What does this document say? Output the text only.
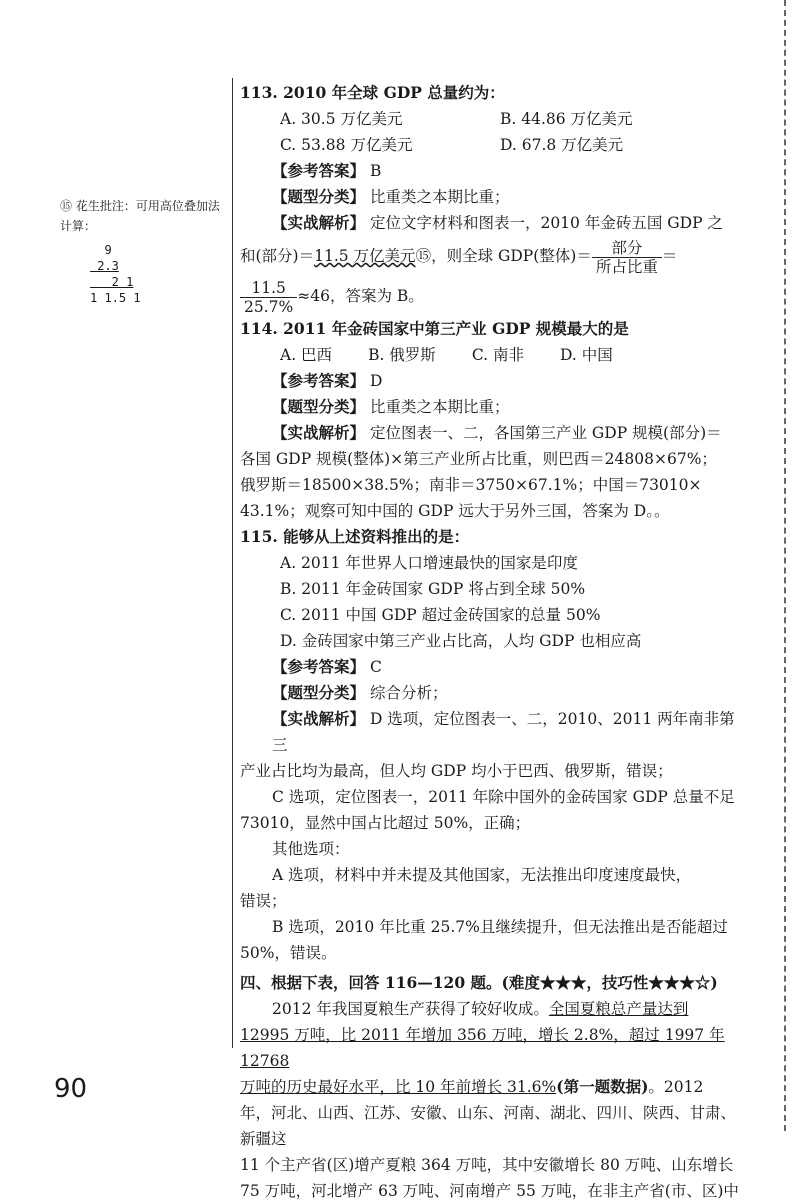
⑮ 花生批注：可用高位叠加法计算：
9
2.3
2 1
1 1.5 1

113. 2010 年全球 GDP 总量约为：

A. 30.5 万亿美元	B. 44.86 万亿美元
C. 53.88 万亿美元	D. 67.8 万亿美元

【参考答案】 B

【题型分类】 比重类之本期比重；

【实战解析】 定位文字材料和图表一，2010 年金砖五国 GDP 之

和(部分)＝11.5 万亿美元⑮，则全球 GDP(整体)＝ $\frac{\text{部分}}{\text{所占比重}}$ ＝

$\frac{11.5}{25.7\%} \approx 46$，答案为 B。

114. 2011 年金砖国家中第三产业 GDP 规模最大的是

A. 巴西 B. 俄罗斯 C. 南非 D. 中国

【参考答案】 D

【题型分类】 比重类之本期比重；

【实战解析】 定位图表一、二，各国第三产业 GDP 规模(部分)＝

各国 GDP 规模(整体)×第三产业所占比重，则巴西＝24808×67%；

俄罗斯＝18500×38.5%；南非＝3750×67.1%；中国＝73010×

43.1%；观察可知中国的 GDP 远大于另外三国，答案为 D。。

115. 能够从上述资料推出的是：

A. 2011 年世界人口增速最快的国家是印度

B. 2011 年金砖国家 GDP 将占到全球 50%

C. 2011 中国 GDP 超过金砖国家的总量 50%

D. 金砖国家中第三产业占比高，人均 GDP 也相应高

【参考答案】 C

【题型分类】 综合分析；

【实战解析】 D 选项，定位图表一、二，2010、2011 两年南非第三

产业占比均为最高，但人均 GDP 均小于巴西、俄罗斯，错误；

C 选项，定位图表一，2011 年除中国外的金砖国家 GDP 总量不足

73010，显然中国占比超过 50%，正确；

其他选项：

A 选项，材料中并未提及其他国家，无法推出印度速度最快，

错误；

B 选项，2010 年比重 25.7%且继续提升，但无法推出是否能超过

50%，错误。

四、根据下表，回答 116—120 题。(难度★★★，技巧性★★★☆)

2012 年我国夏粮生产获得了较好收成。全国夏粮总产量达到

12995 万吨，比 2011 年增加 356 万吨，增长 2.8%，超过 1997 年 12768

万吨的历史最好水平，比 10 年前增长 31.6%(第一题数据)。2012

年，河北、山西、江苏、安徽、山东、河南、湖北、四川、陕西、甘肃、新疆这

11 个主产省(区)增产夏粮 364 万吨，其中安徽增长 80 万吨、山东增长

75 万吨，河北增产 63 万吨、河南增产 55 万吨，在非主产省(市、区)中

90
